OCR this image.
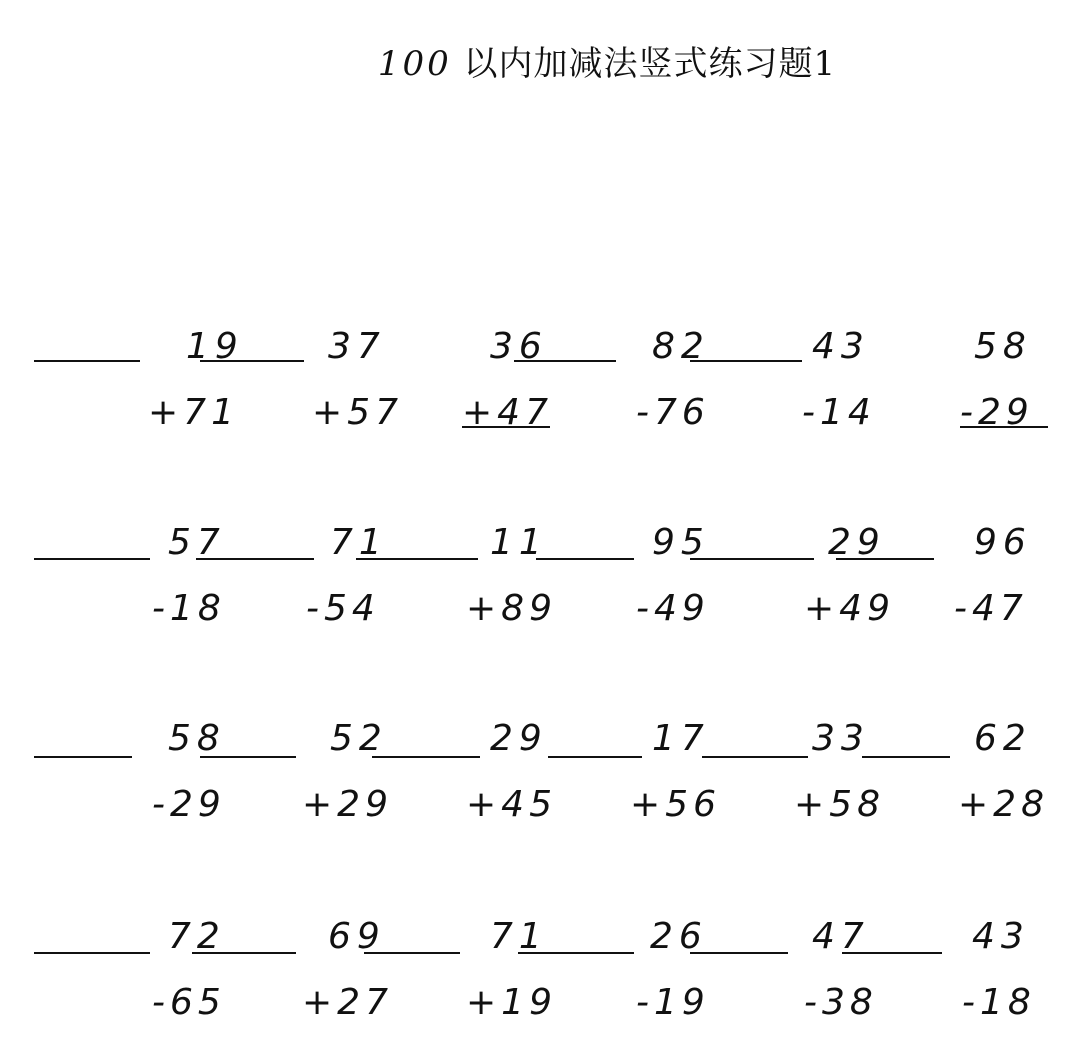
100 以内加减法竖式练习题1
19
+71
37
+57
36
+47
82
-76
43
-14
58
-29
57
-18
71
-54
11
+89
95
-49
29
+49
96
-47
58
-29
52
+29
29
+45
17
+56
33
+58
62
+28
72
-65
69
+27
71
+19
26
-19
47
-38
43
-18
